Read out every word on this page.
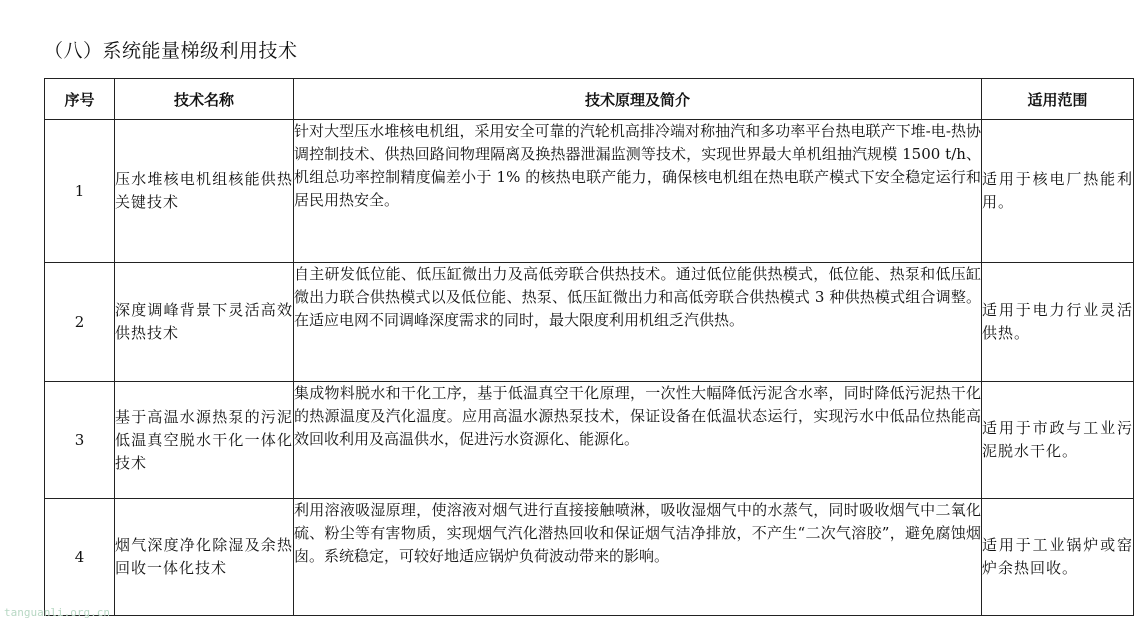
（八）系统能量梯级利用技术
序号	技术名称	技术原理及简介	适用范围
1	压水堆核电机组核能供热关键技术	针对大型压水堆核电机组，采用安全可靠的汽轮机高排冷端对称抽汽和多功率平台热电联产下堆-电-热协调控制技术、供热回路间物理隔离及换热器泄漏监测等技术，实现世界最大单机组抽汽规模 1500 t/h、机组总功率控制精度偏差小于 1% 的核热电联产能力，确保核电机组在热电联产模式下安全稳定运行和居民用热安全。	适用于核电厂热能利用。
2	深度调峰背景下灵活高效供热技术	自主研发低位能、低压缸微出力及高低旁联合供热技术。通过低位能供热模式，低位能、热泵和低压缸微出力联合供热模式以及低位能、热泵、低压缸微出力和高低旁联合供热模式 3 种供热模式组合调整。在适应电网不同调峰深度需求的同时，最大限度利用机组乏汽供热。	适用于电力行业灵活供热。
3	基于高温水源热泵的污泥低温真空脱水干化一体化技术	集成物料脱水和干化工序，基于低温真空干化原理，一次性大幅降低污泥含水率，同时降低污泥热干化的热源温度及汽化温度。应用高温水源热泵技术，保证设备在低温状态运行，实现污水中低品位热能高效回收利用及高温供水，促进污水资源化、能源化。	适用于市政与工业污泥脱水干化。
4	烟气深度净化除湿及余热回收一体化技术	利用溶液吸湿原理，使溶液对烟气进行直接接触喷淋，吸收湿烟气中的水蒸气，同时吸收烟气中二氧化硫、粉尘等有害物质，实现烟气汽化潜热回收和保证烟气洁净排放，不产生“二次气溶胶”，避免腐蚀烟囱。系统稳定，可较好地适应锅炉负荷波动带来的影响。	适用于工业锅炉或窑炉余热回收。
tanguanli.org.cn
